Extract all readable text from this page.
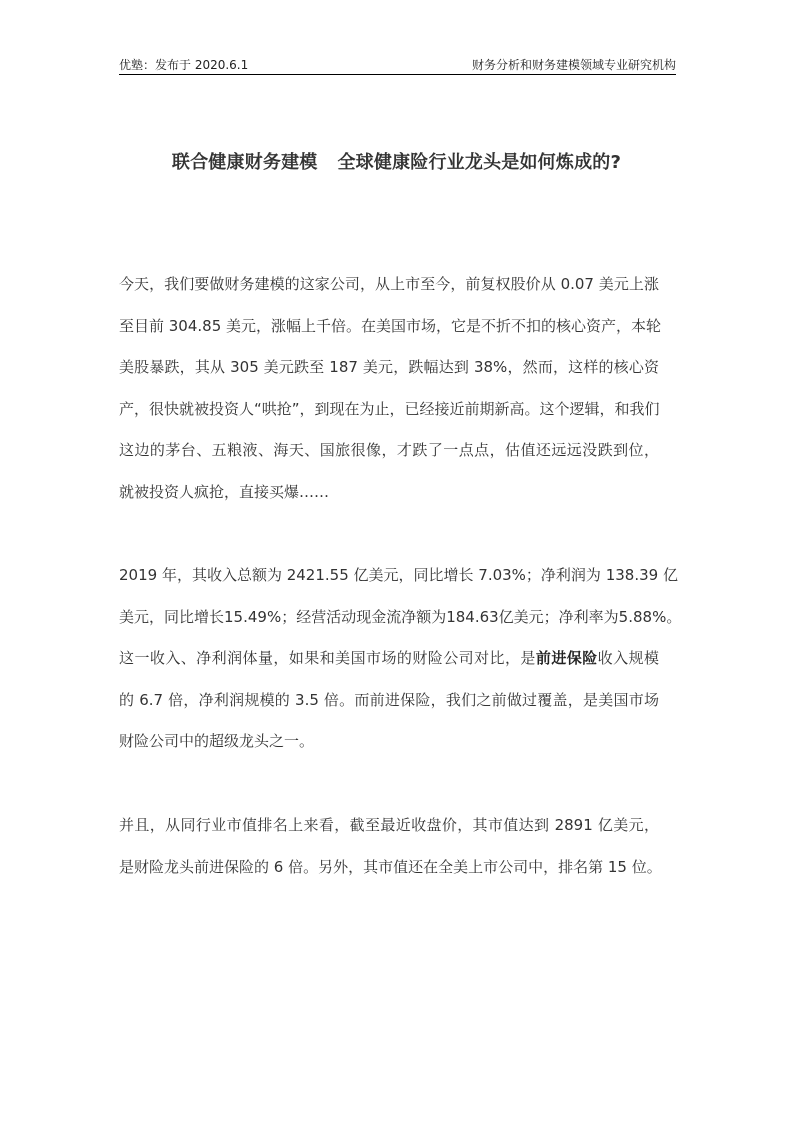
优塾：发布于 2020.6.1	财务分析和财务建模领域专业研究机构
联合健康财务建模 全球健康险行业龙头是如何炼成的?
今天，我们要做财务建模的这家公司，从上市至今，前复权股价从 0.07 美元上涨
至目前 304.85 美元，涨幅上千倍。在美国市场，它是不折不扣的核心资产，本轮
美股暴跌，其从 305 美元跌至 187 美元，跌幅达到 38%，然而，这样的核心资
产，很快就被投资人“哄抢”，到现在为止，已经接近前期新高。这个逻辑，和我们
这边的茅台、五粮液、海天、国旅很像，才跌了一点点，估值还远远没跌到位，
就被投资人疯抢，直接买爆……
2019 年，其收入总额为 2421.55 亿美元，同比增长 7.03%；净利润为 138.39 亿
美元，同比增长15.49%；经营活动现金流净额为184.63亿美元；净利率为5.88%。
这一收入、净利润体量，如果和美国市场的财险公司对比，是前进保险收入规模
的 6.7 倍，净利润规模的 3.5 倍。而前进保险，我们之前做过覆盖，是美国市场
财险公司中的超级龙头之一。
并且，从同行业市值排名上来看，截至最近收盘价，其市值达到 2891 亿美元，
是财险龙头前进保险的 6 倍。另外，其市值还在全美上市公司中，排名第 15 位。
